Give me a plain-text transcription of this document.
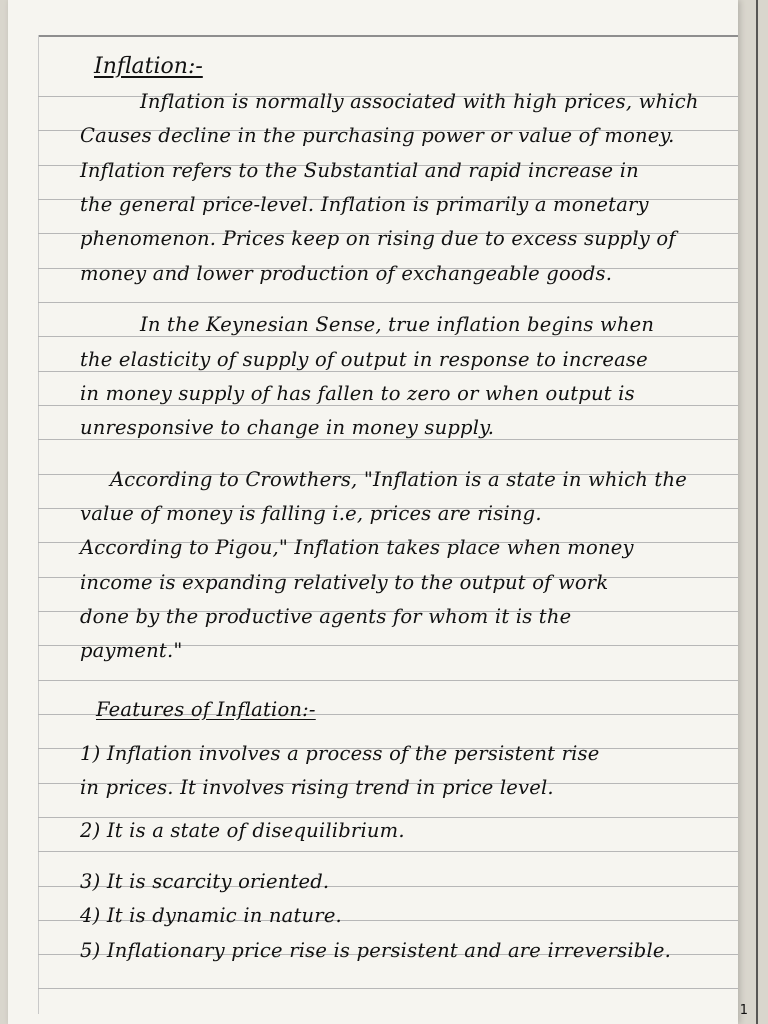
Inflation:-
Inflation is normally associated with high prices, which
Causes decline in the purchasing power or value of money.
Inflation refers to the Substantial and rapid increase in
the general price-level. Inflation is primarily a monetary
phenomenon. Prices keep on rising due to excess supply of
money and lower production of exchangeable goods.
In the Keynesian Sense, true inflation begins when
the elasticity of supply of output in response to increase
in money supply of has fallen to zero or when output is
unresponsive to change in money supply.
According to Crowthers, "Inflation is a state in which the
value of money is falling i.e, prices are rising.
According to Pigou," Inflation takes place when money
income is expanding relatively to the output of work
done by the productive agents for whom it is the
payment."
Features of Inflation:-
1) Inflation involves a process of the persistent rise
in prices. It involves rising trend in price level.
2) It is a state of disequilibrium.
3) It is scarcity oriented.
4) It is dynamic in nature.
5) Inflationary price rise is persistent and are irreversible.
1
